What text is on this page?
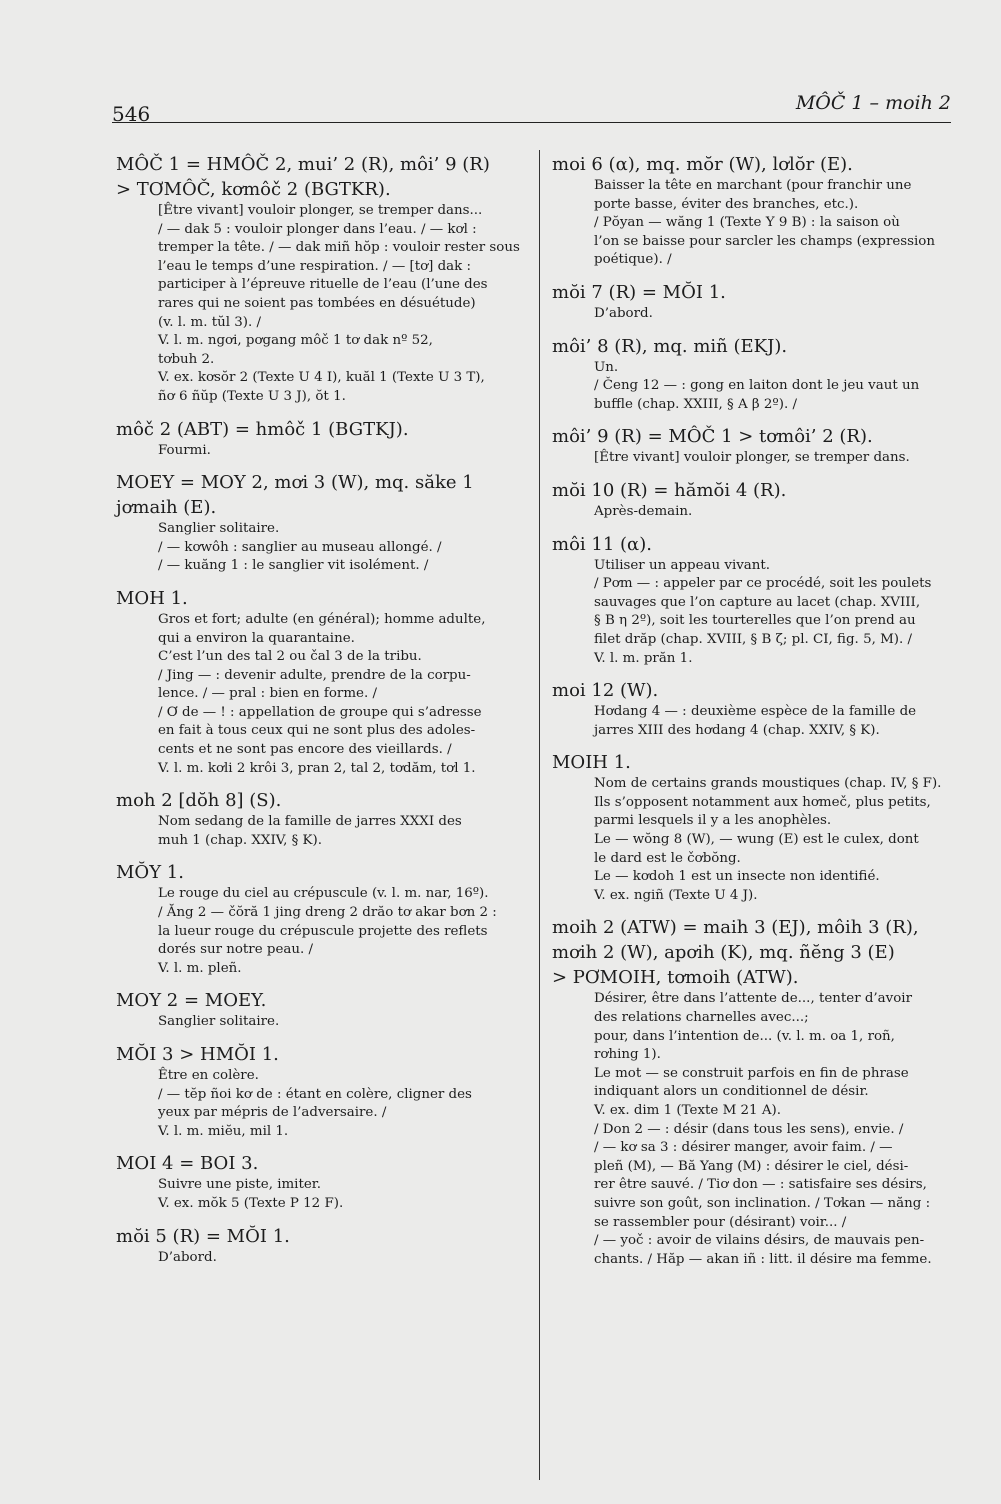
546	MÔČ 1 – moih 2
MÔČ 1 = HMÔČ 2, mui’ 2 (R), môi’ 9 (R)
> TƠMÔČ, kơmôč 2 (BGTKR).
[Être vivant] vouloir plonger, se tremper dans...
/ — dak 5 : vouloir plonger dans l’eau. / — kơl :
tremper la tête. / — dak miñ hŏp : vouloir rester sous
l’eau le temps d’une respiration. / — [tơ] dak :
participer à l’épreuve rituelle de l’eau (l’une des
rares qui ne soient pas tombées en désuétude)
(v. l. m. tŭl 3). /
V. l. m. ngơi, pơgang môč 1 tơ dak nº 52,
tơbuh 2.
V. ex. kơsŏr 2 (Texte U 4 I), kuăl 1 (Texte U 3 T),
ñơ 6 ñŭp (Texte U 3 J), ŏt 1.
môč 2 (ABT) = hmôč 1 (BGTKJ).
Fourmi.
MOEY = MOY 2, mơi 3 (W), mq. săke 1
jơmaih (E).
Sanglier solitaire.
/ — kơwôh : sanglier au museau allongé. /
/ — kuăng 1 : le sanglier vit isolément. /
MOH 1.
Gros et fort; adulte (en général); homme adulte,
qui a environ la quarantaine.
C’est l’un des tal 2 ou čal 3 de la tribu.
/ Jing — : devenir adulte, prendre de la corpu-
lence. / — pral : bien en forme. /
/ Ơ de — ! : appellation de groupe qui s’adresse
en fait à tous ceux qui ne sont plus des adoles-
cents et ne sont pas encore des vieillards. /
V. l. m. kơli 2 krôi 3, pran 2, tal 2, tơdăm, tơl 1.
moh 2 [dŏh 8] (S).
Nom sedang de la famille de jarres XXXI des
muh 1 (chap. XXIV, § K).
MŎY 1.
Le rouge du ciel au crépuscule (v. l. m. nar, 16º).
/ Ăng 2 — čŏră 1 jing dreng 2 drăo tơ akar bơn 2 :
la lueur rouge du crépuscule projette des reflets
dorés sur notre peau. /
V. l. m. pleñ.
MOY 2 = MOEY.
Sanglier solitaire.
MŎI 3 > HMŎI 1.
Être en colère.
/ — tĕp ñoi kơ de : étant en colère, cligner des
yeux par mépris de l’adversaire. /
V. l. m. miĕu, mil 1.
MOI 4 = BOI 3.
Suivre une piste, imiter.
V. ex. mŏk 5 (Texte P 12 F).
mŏi 5 (R) = MŎI 1.
D’abord.
moi 6 (α), mq. mŏr (W), lơlŏr (E).
Baisser la tête en marchant (pour franchir une
porte basse, éviter des branches, etc.).
/ Pŏyan — wăng 1 (Texte Y 9 B) : la saison où
l’on se baisse pour sarcler les champs (expression
poétique). /
mŏi 7 (R) = MŎI 1.
D’abord.
môi’ 8 (R), mq. miñ (EKJ).
Un.
/ Čeng 12 — : gong en laiton dont le jeu vaut un
buffle (chap. XXIII, § A β 2º). /
môi’ 9 (R) = MÔČ 1 > tơmôi’ 2 (R).
[Être vivant] vouloir plonger, se tremper dans.
mŏi 10 (R) = hămŏi 4 (R).
Après-demain.
môi 11 (α).
Utiliser un appeau vivant.
/ Pơm — : appeler par ce procédé, soit les poulets
sauvages que l’on capture au lacet (chap. XVIII,
§ B η 2º), soit les tourterelles que l’on prend au
filet drăp (chap. XVIII, § B ζ; pl. CI, fig. 5, M). /
V. l. m. prăn 1.
moi 12 (W).
Hơdang 4 — : deuxième espèce de la famille de
jarres XIII des hơdang 4 (chap. XXIV, § K).
MOIH 1.
Nom de certains grands moustiques (chap. IV, § F).
Ils s’opposent notamment aux hơmeč, plus petits,
parmi lesquels il y a les anophèles.
Le — wŏng 8 (W), — wung (E) est le culex, dont
le dard est le čơbŏng.
Le — kơdoh 1 est un insecte non identifié.
V. ex. ngiñ (Texte U 4 J).
moih 2 (ATW) = maih 3 (EJ), môih 3 (R),
mơih 2 (W), apơih (K), mq. ñĕng 3 (E)
> PƠMOIH, tơmoih (ATW).
Désirer, être dans l’attente de..., tenter d’avoir
des relations charnelles avec...;
pour, dans l’intention de... (v. l. m. oa 1, roñ,
rơhing 1).
Le mot — se construit parfois en fin de phrase
indiquant alors un conditionnel de désir.
V. ex. dim 1 (Texte M 21 A).
/ Don 2 — : désir (dans tous les sens), envie. /
/ — kơ sa 3 : désirer manger, avoir faim. / —
pleñ (M), — Bă Yang (M) : désirer le ciel, dési-
rer être sauvé. / Tiơ don — : satisfaire ses désirs,
suivre son goût, son inclination. / Tơkan — năng :
se rassembler pour (désirant) voir... /
/ — yoč : avoir de vilains désirs, de mauvais pen-
chants. / Hăp — akan iñ : litt. il désire ma femme.
